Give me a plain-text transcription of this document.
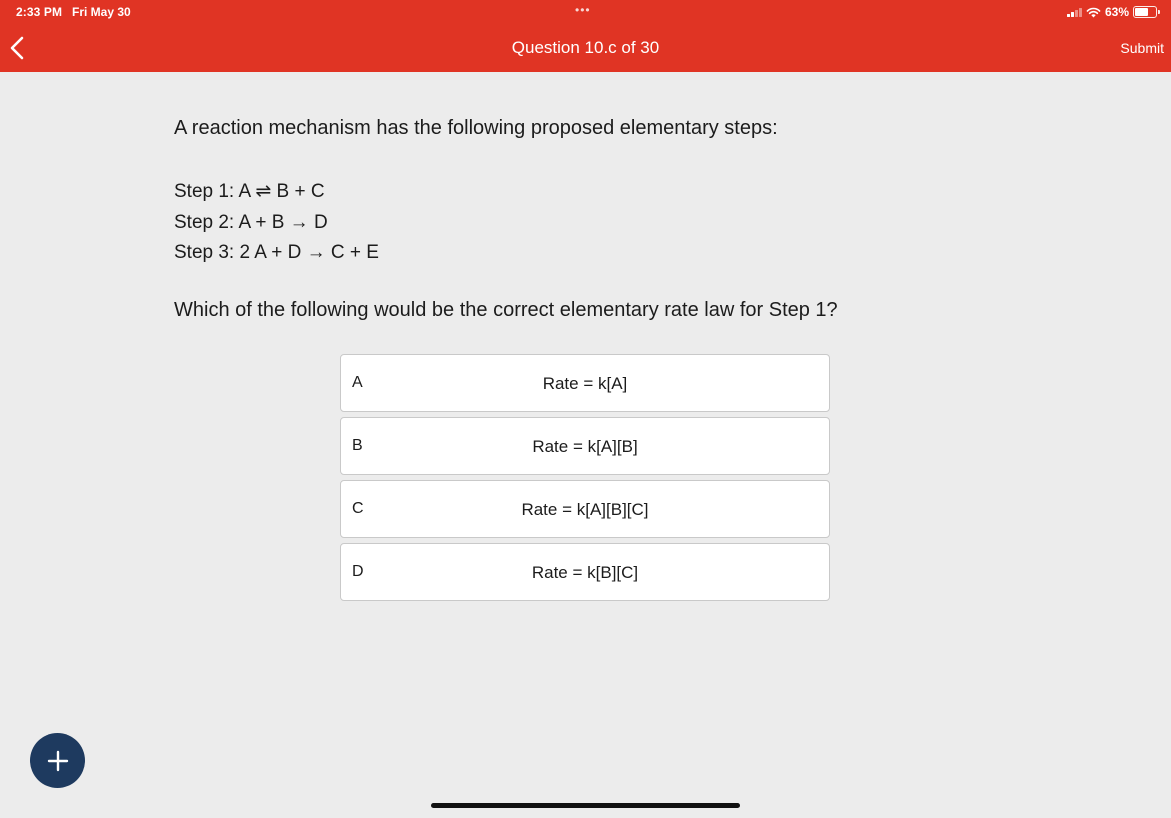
2:33 PM Fri May 30	•••	63%
Question 10.c of 30	Submit
A reaction mechanism has the following proposed elementary steps:
Step 1: A ⇌ B + C
Step 2: A + B → D
Step 3: 2 A + D → C + E
Which of the following would be the correct elementary rate law for Step 1?
A	Rate = k[A]
B	Rate = k[A][B]
C	Rate = k[A][B][C]
D	Rate = k[B][C]
